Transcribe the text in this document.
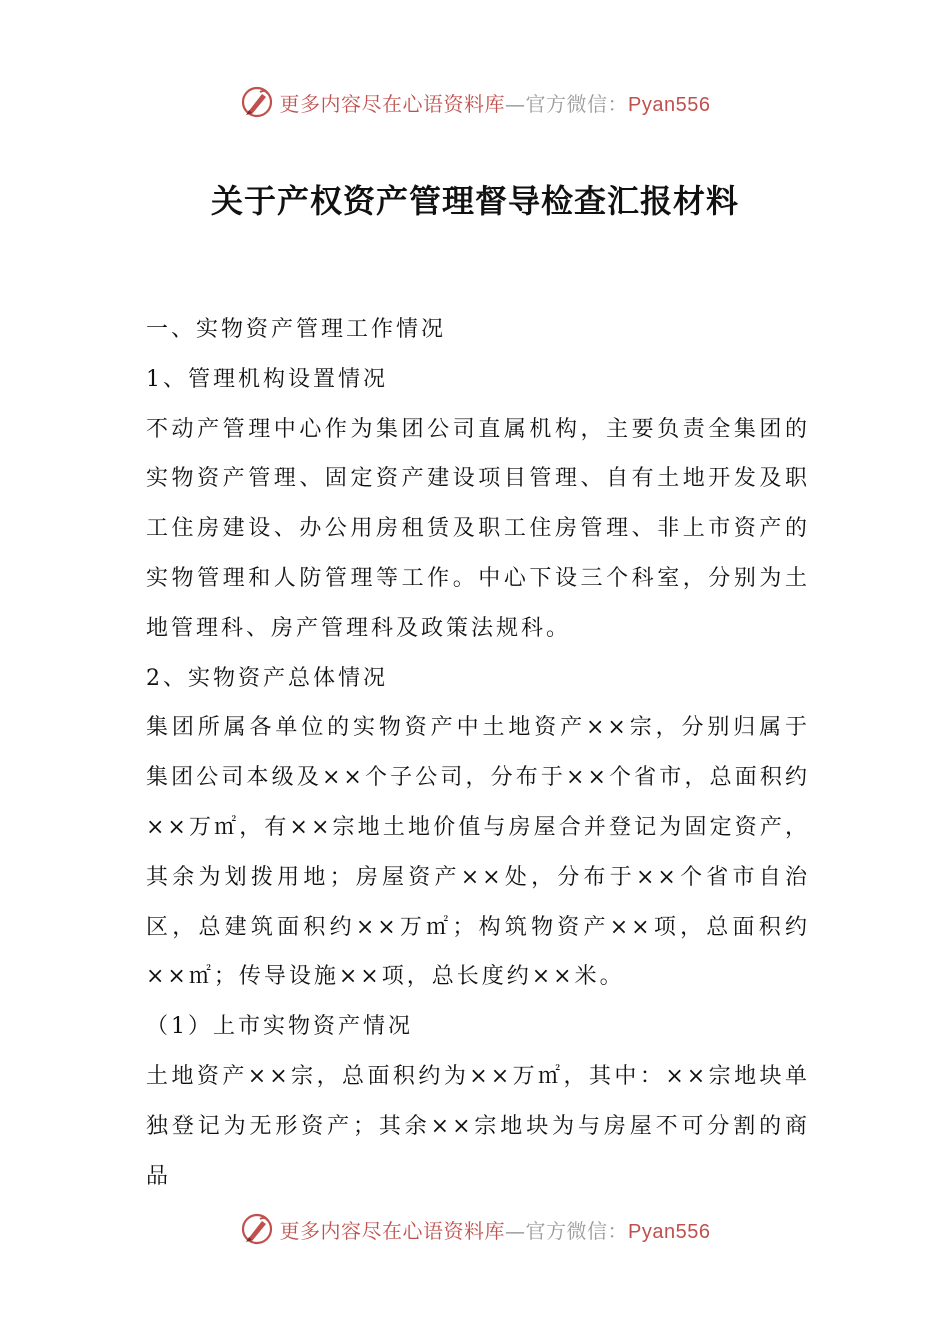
更多内容尽在心语资料库—官方微信：Pyan556
关于产权资产管理督导检查汇报材料

一、实物资产管理工作情况

1、管理机构设置情况

不动产管理中心作为集团公司直属机构，主要负责全集团的实物资产管理、固定资产建设项目管理、自有土地开发及职工住房建设、办公用房租赁及职工住房管理、非上市资产的实物管理和人防管理等工作。中心下设三个科室，分别为土地管理科、房产管理科及政策法规科。

2、实物资产总体情况

集团所属各单位的实物资产中土地资产××宗，分别归属于集团公司本级及××个子公司，分布于××个省市，总面积约××万㎡，有××宗地土地价值与房屋合并登记为固定资产，其余为划拨用地；房屋资产××处，分布于××个省市自治区，总建筑面积约××万㎡；构筑物资产××项，总面积约××㎡；传导设施××项，总长度约××米。

（1）上市实物资产情况

土地资产××宗，总面积约为××万㎡，其中：××宗地块单独登记为无形资产；其余××宗地块为与房屋不可分割的商品

更多内容尽在心语资料库—官方微信：Pyan556
